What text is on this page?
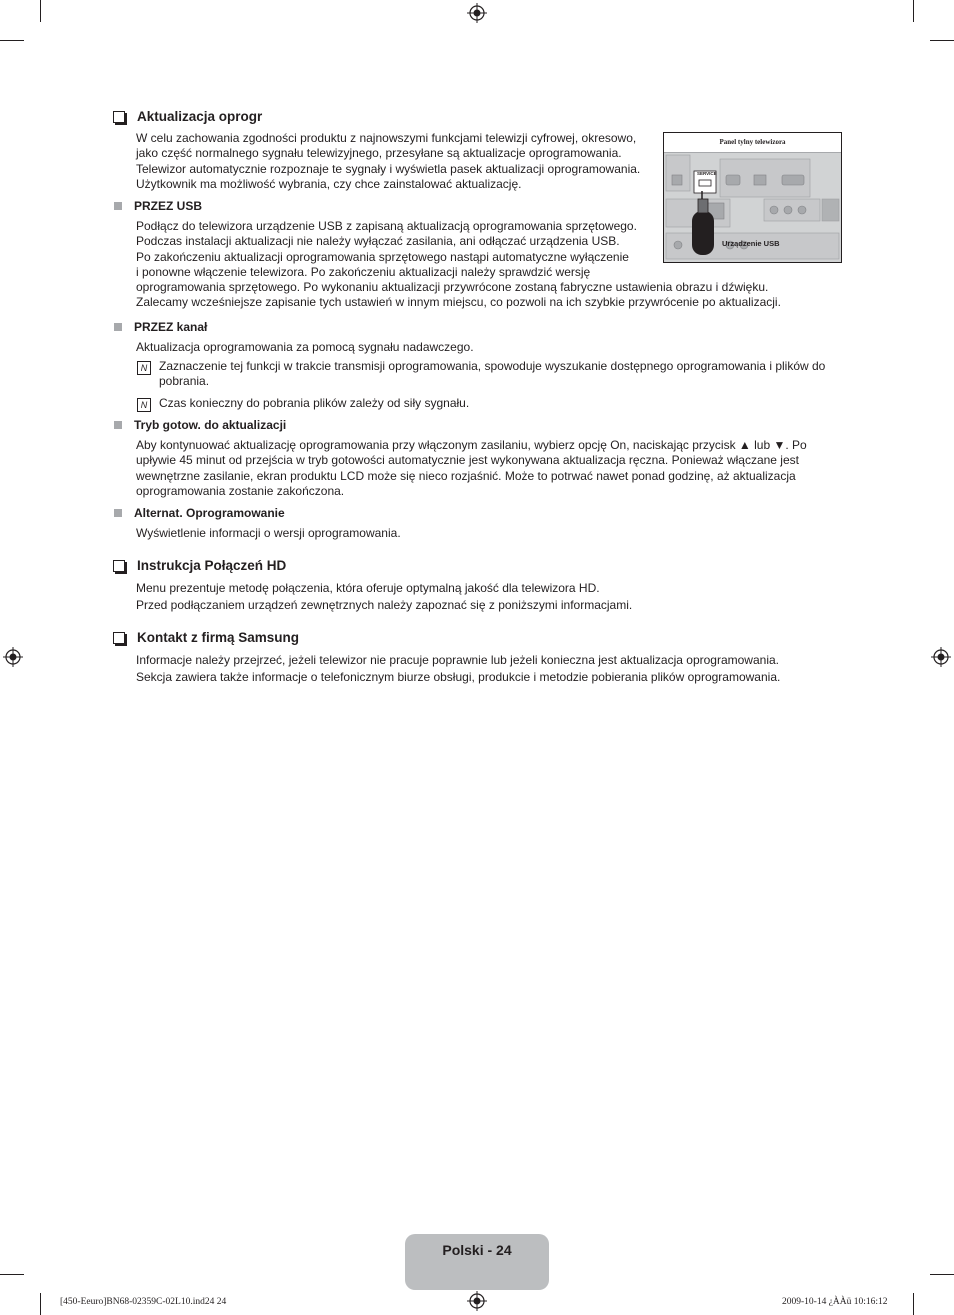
Aktualizacja oprogr
W celu zachowania zgodności produktu z najnowszymi funkcjami telewizji cyfrowej, okresowo,
jako część normalnego sygnału telewizyjnego, przesyłane są aktualizacje oprogramowania.
Telewizor automatycznie rozpoznaje te sygnały i wyświetla pasek aktualizacji oprogramowania.
Użytkownik ma możliwość wybrania, czy chce zainstalować aktualizację.
Panel tylny telewizora
SERVICE
Urządzenie USB
PRZEZ USB
Podłącz do telewizora urządzenie USB z zapisaną aktualizacją oprogramowania sprzętowego.
Podczas instalacji aktualizacji nie należy wyłączać zasilania, ani odłączać urządzenia USB.
Po zakończeniu aktualizacji oprogramowania sprzętowego nastąpi automatyczne wyłączenie
i ponowne włączenie telewizora. Po zakończeniu aktualizacji należy sprawdzić wersję
oprogramowania sprzętowego. Po wykonaniu aktualizacji przywrócone zostaną fabryczne ustawienia obrazu i dźwięku.
Zalecamy wcześniejsze zapisanie tych ustawień w innym miejscu, co pozwoli na ich szybkie przywrócenie po aktualizacji.
PRZEZ kanał
Aktualizacja oprogramowania za pomocą sygnału nadawczego.
N Zaznaczenie tej funkcji w trakcie transmisji oprogramowania, spowoduje wyszukanie dostępnego oprogramowania i plików do
pobrania.
N Czas konieczny do pobrania plików zależy od siły sygnału.
Tryb gotow. do aktualizacji
Aby kontynuować aktualizację oprogramowania przy włączonym zasilaniu, wybierz opcję On, naciskając przycisk ▲ lub ▼. Po
upływie 45 minut od przejścia w tryb gotowości automatycznie jest wykonywana aktualizacja ręczna. Ponieważ włączane jest
wewnętrzne zasilanie, ekran produktu LCD może się nieco rozjaśnić. Może to potrwać nawet ponad godzinę, aż aktualizacja
oprogramowania zostanie zakończona.
Alternat. Oprogramowanie
Wyświetlenie informacji o wersji oprogramowania.
Instrukcja Połączeń HD
Menu prezentuje metodę połączenia, która oferuje optymalną jakość dla telewizora HD.
Przed podłączaniem urządzeń zewnętrznych należy zapoznać się z poniższymi informacjami.
Kontakt z firmą Samsung
Informacje należy przejrzeć, jeżeli telewizor nie pracuje poprawnie lub jeżeli konieczna jest aktualizacja oprogramowania.
Sekcja zawiera także informacje o telefonicznym biurze obsługi, produkcie i metodzie pobierania plików oprogramowania.
Polski - 24
[450-Eeuro]BN68-02359C-02L10.ind24 24	2009-10-14 ¿ÀÀü 10:16:12
